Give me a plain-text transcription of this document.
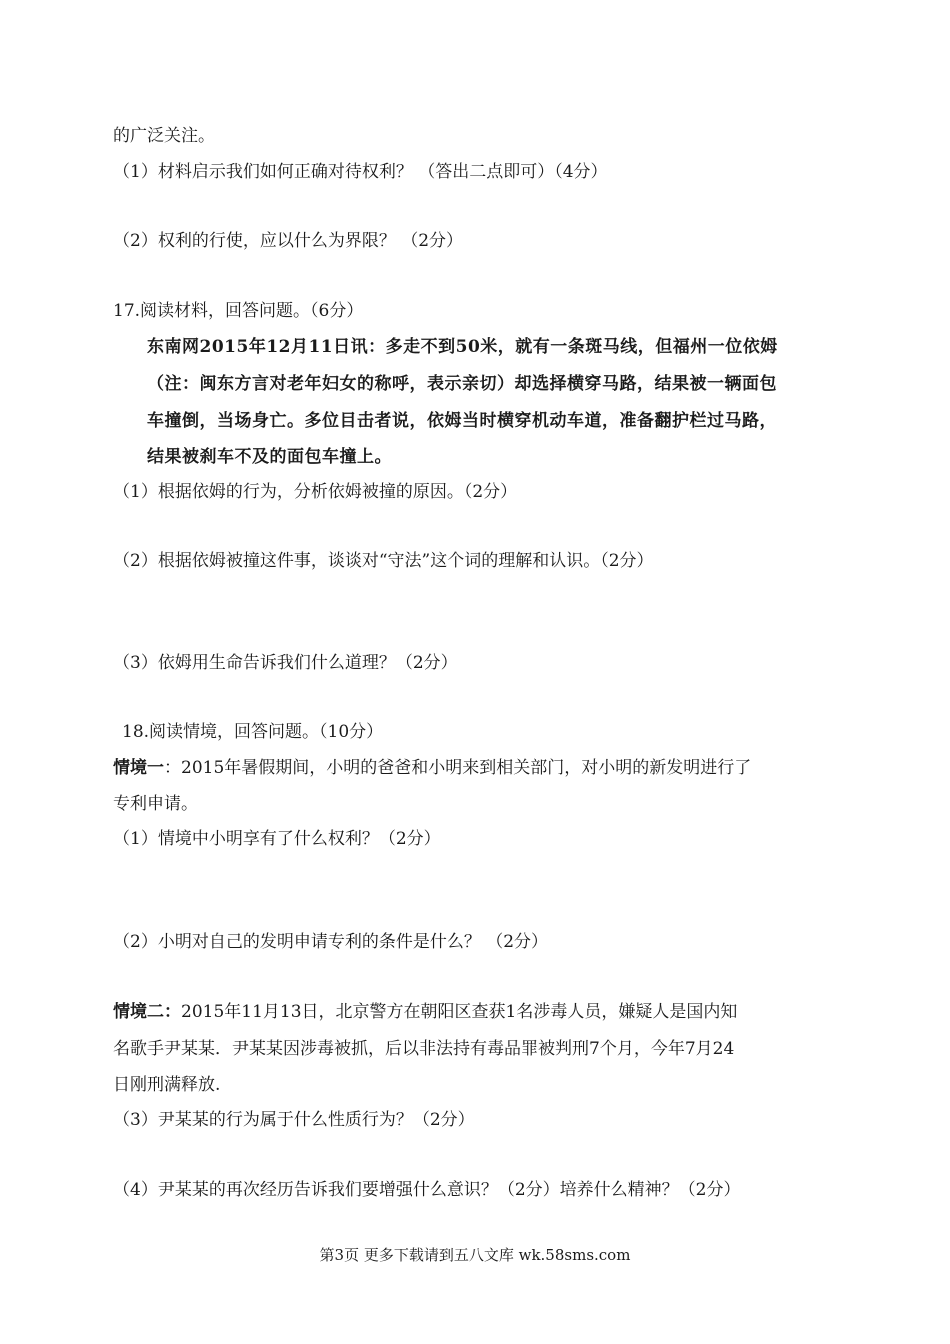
的广泛关注。
（1）材料启示我们如何正确对待权利？ （答出二点即可）（4分）
（2）权利的行使，应以什么为界限？ （2分）
17.阅读材料，回答问题。（6分）
东南网2015年12月11日讯：多走不到50米，就有一条斑马线，但福州一位依姆
（注：闽东方言对老年妇女的称呼，表示亲切）却选择横穿马路，结果被一辆面包
车撞倒，当场身亡。多位目击者说，依姆当时横穿机动车道，准备翻护栏过马路，
结果被刹车不及的面包车撞上。
（1）根据依姆的行为，分析依姆被撞的原因。（2分）
（2）根据依姆被撞这件事，谈谈对“守法”这个词的理解和认识。（2分）
（3）依姆用生命告诉我们什么道理？（2分）
18.阅读情境，回答问题。（10分）
情境一：2015年暑假期间，小明的爸爸和小明来到相关部门，对小明的新发明进行了
专利申请。
（1）情境中小明享有了什么权利？（2分）
（2）小明对自己的发明申请专利的条件是什么？ （2分）
情境二：2015年11月13日，北京警方在朝阳区查获1名涉毒人员，嫌疑人是国内知
名歌手尹某某．尹某某因涉毒被抓，后以非法持有毒品罪被判刑7个月，今年7月24
日刚刑满释放.
（3）尹某某的行为属于什么性质行为？（2分）
（4）尹某某的再次经历告诉我们要增强什么意识？（2分）培养什么精神？（2分）
第3页 更多下载请到五八文库 wk.58sms.com
